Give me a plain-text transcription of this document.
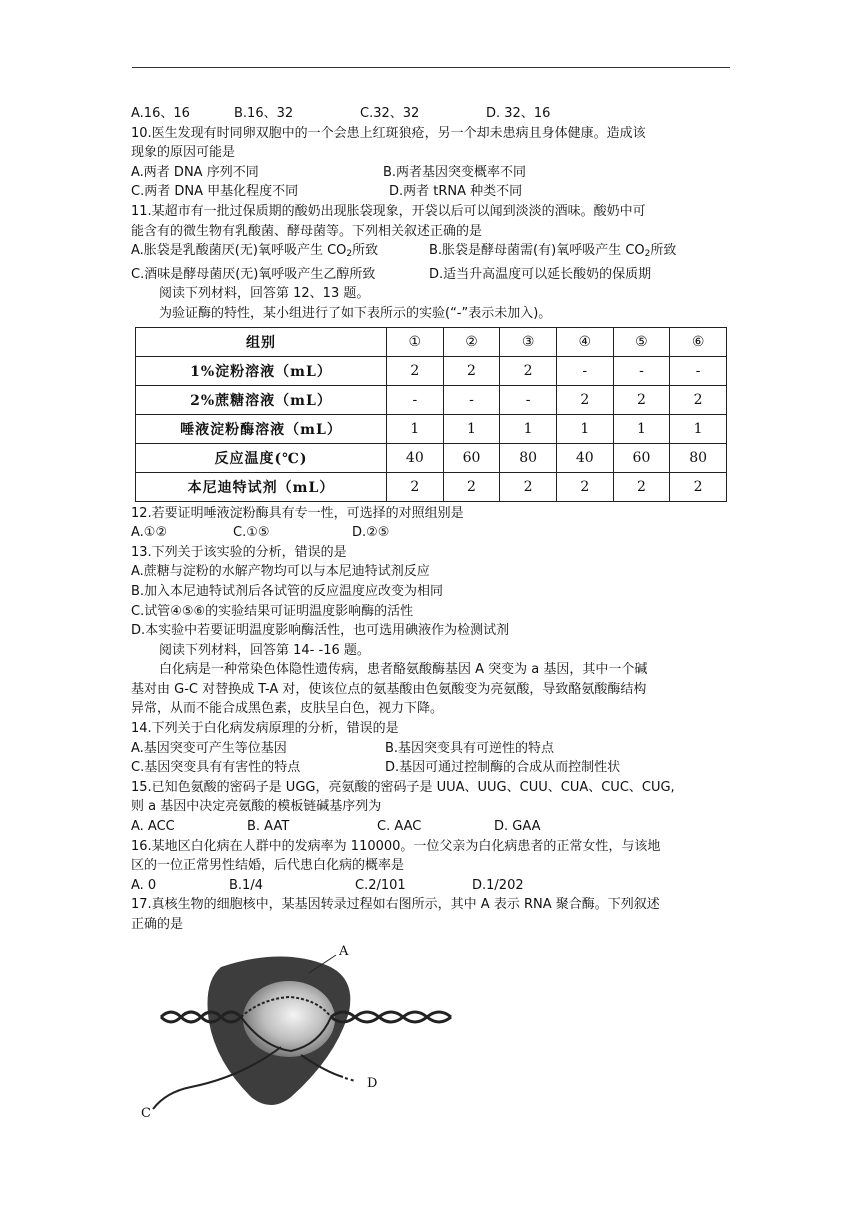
A.16、16	B.16、32	C.32、32	D. 32、16
10.医生发现有时同卵双胞中的一个会患上红斑狼疮，另一个却未患病且身体健康。造成该
现象的原因可能是
A.两者 DNA 序列不同	B.两者基因突变概率不同
C.两者 DNA 甲基化程度不同	D.两者 tRNA 种类不同
11.某超市有一批过保质期的酸奶出现胀袋现象，开袋以后可以闻到淡淡的酒味。酸奶中可
能含有的微生物有乳酸菌、酵母菌等。下列相关叙述正确的是
A.胀袋是乳酸菌厌(无)氧呼吸产生 CO2所致	B.胀袋是酵母菌需(有)氧呼吸产生 CO2所致
C.酒味是酵母菌厌(无)氧呼吸产生乙醇所致	D.适当升高温度可以延长酸奶的保质期
阅读下列材料，回答第 12、13 题。
为验证酶的特性，某小组进行了如下表所示的实验(“-”表示未加入)。
组别	①	②	③	④	⑤	⑥
1%淀粉溶液（mL）	2	2	2	-	-	-
2%蔗糖溶液（mL）	-	-	-	2	2	2
唾液淀粉酶溶液（mL）	1	1	1	1	1	1
反应温度(℃)	40	60	80	40	60	80
本尼迪特试剂（mL）	2	2	2	2	2	2
12.若要证明唾液淀粉酶具有专一性，可选择的对照组别是
A.①②	C.①⑤	D.②⑤
13.下列关于该实验的分析，错误的是
A.蔗糖与淀粉的水解产物均可以与本尼迪特试剂反应
B.加入本尼迪特试剂后各试管的反应温度应改变为相同
C.试管④⑤⑥的实验结果可证明温度影响酶的活性
D.本实验中若要证明温度影响酶活性，也可选用碘液作为检测试剂
阅读下列材料，回答第 14- -16 题。
白化病是一种常染色体隐性遗传病，患者酪氨酸酶基因 A 突变为 a 基因，其中一个碱
基对由 G-C 对替换成 T-A 对，使该位点的氨基酸由色氨酸变为亮氨酸，导致酪氨酸酶结构
异常，从而不能合成黑色素，皮肤呈白色，视力下降。
14.下列关于白化病发病原理的分析，错误的是
A.基因突变可产生等位基因	B.基因突变具有可逆性的特点
C.基因突变具有有害性的特点	D.基因可通过控制酶的合成从而控制性状
15.已知色氨酸的密码子是 UGG，亮氨酸的密码子是 UUA、UUG、CUU、CUA、CUC、CUG,
则 a 基因中决定亮氨酸的模板链碱基序列为
A. ACC	B. AAT	C. AAC	D. GAA
16.某地区白化病在人群中的发病率为 110000。一位父亲为白化病患者的正常女性，与该地
区的一位正常男性结婚，后代患白化病的概率是
A. 0	B.1/4	C.2/101	D.1/202
17.真核生物的细胞核中，某基因转录过程如右图所示，其中 A 表示 RNA 聚合酶。下列叙述
正确的是
A
C
D
